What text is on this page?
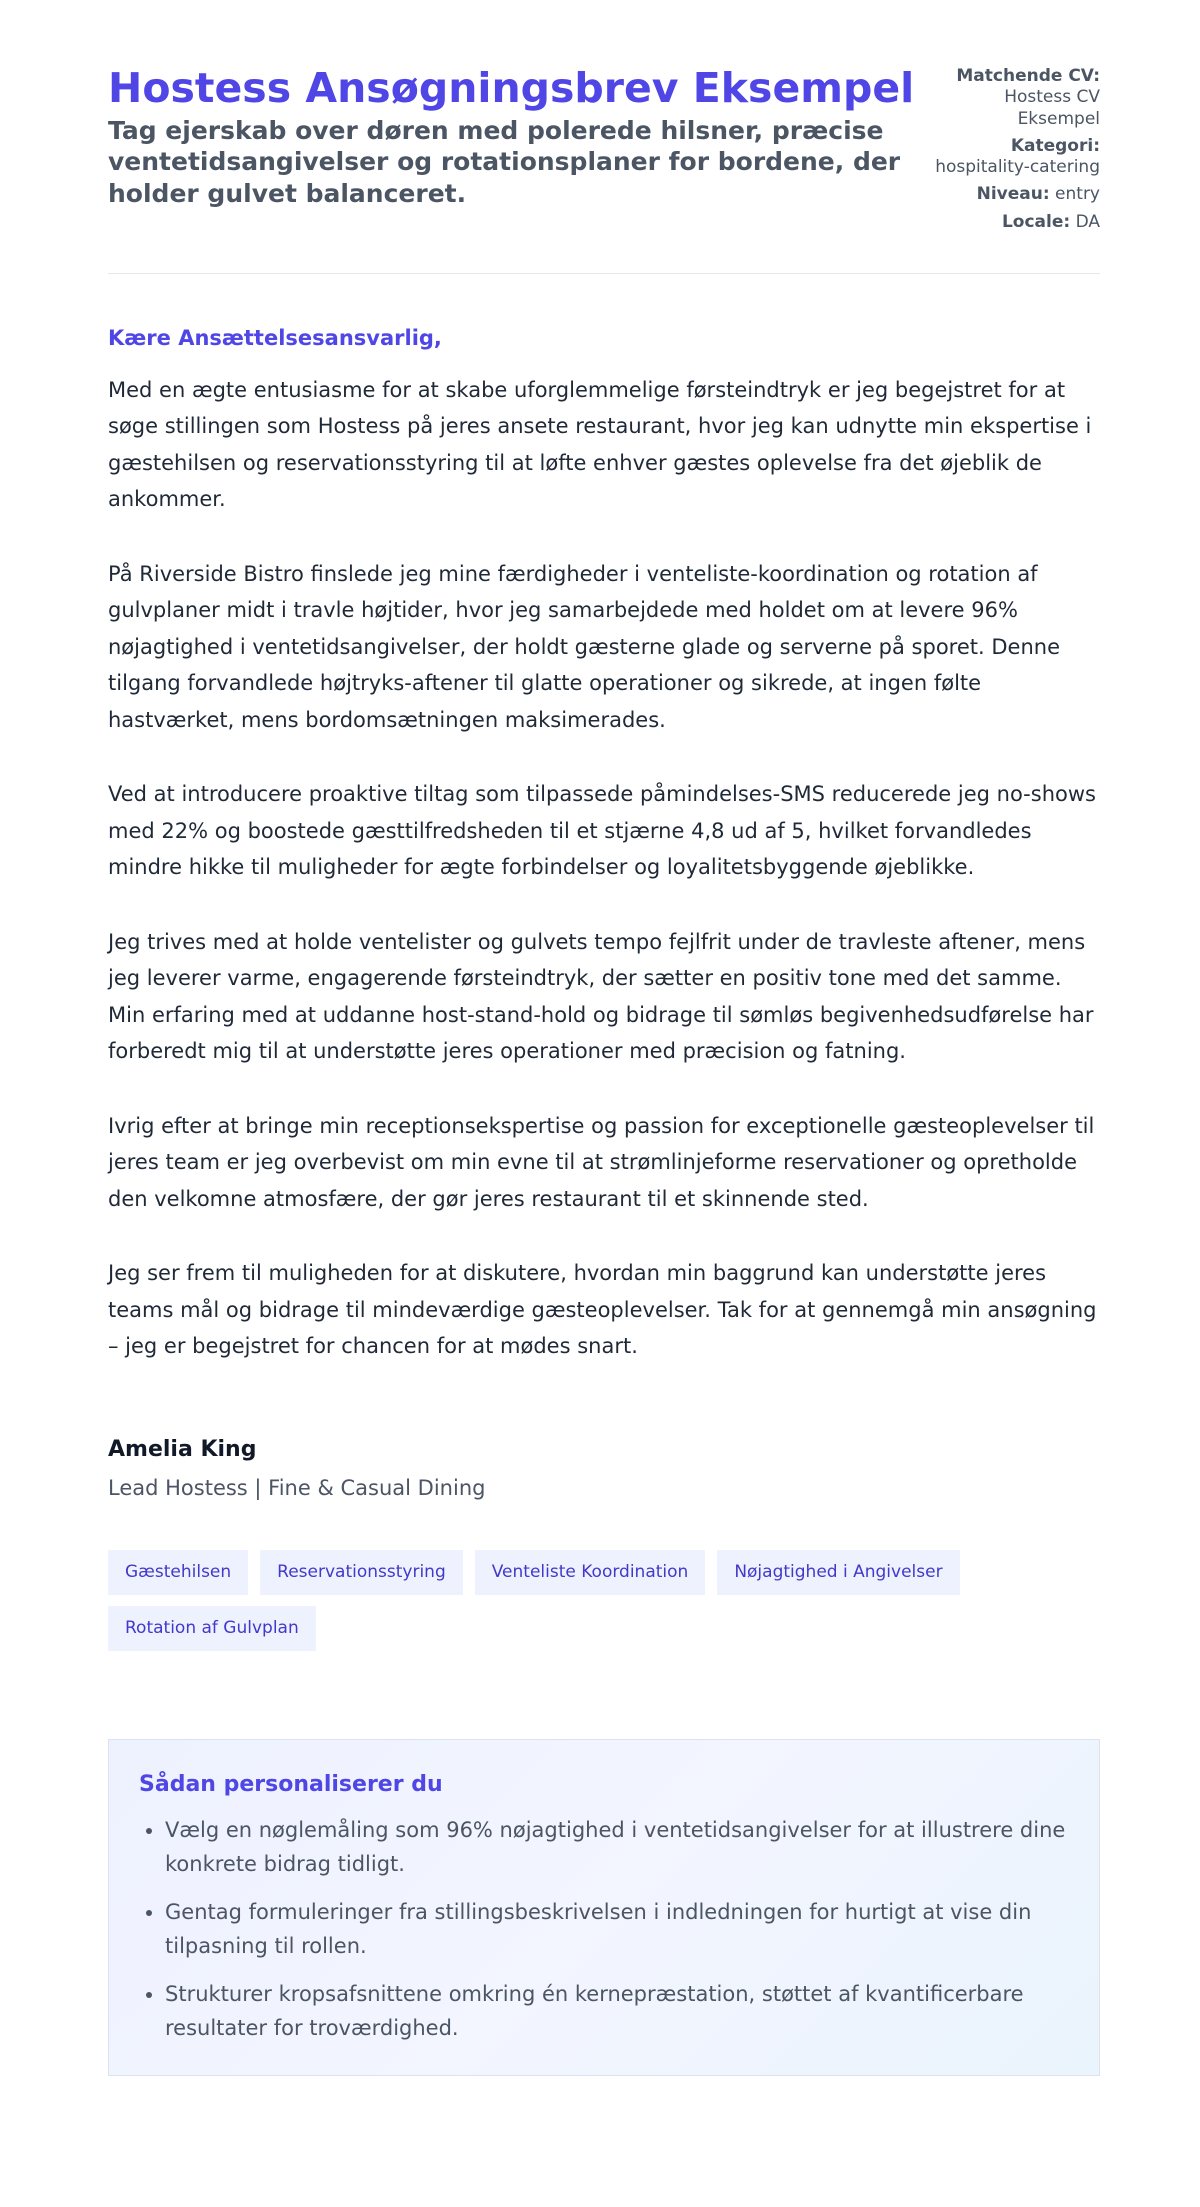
Hostess Ansøgningsbrev Eksempel
Tag ejerskab over døren med polerede hilsner, præcise ventetidsangivelser og rotationsplaner for bordene, der holder gulvet balanceret.
Matchende CV: Hostess CV Eksempel
Kategori: hospitality-catering
Niveau: entry
Locale: DA

Kære Ansættelsesansvarlig,

Med en ægte entusiasme for at skabe uforglemmelige førsteindtryk er jeg begejstret for at søge stillingen som Hostess på jeres ansete restaurant, hvor jeg kan udnytte min ekspertise i gæstehilsen og reservationsstyring til at løfte enhver gæstes oplevelse fra det øjeblik de ankommer.

På Riverside Bistro finslede jeg mine færdigheder i venteliste-koordination og rotation af gulvplaner midt i travle højtider, hvor jeg samarbejdede med holdet om at levere 96% nøjagtighed i ventetidsangivelser, der holdt gæsterne glade og serverne på sporet. Denne tilgang forvandlede højtryks-aftener til glatte operationer og sikrede, at ingen følte hastværket, mens bordomsætningen maksimerades.

Ved at introducere proaktive tiltag som tilpassede påmindelses-SMS reducerede jeg no-shows med 22% og boostede gæsttilfredsheden til et stjærne 4,8 ud af 5, hvilket forvandledes mindre hikke til muligheder for ægte forbindelser og loyalitetsbyggende øjeblikke.

Jeg trives med at holde ventelister og gulvets tempo fejlfrit under de travleste aftener, mens jeg leverer varme, engagerende førsteindtryk, der sætter en positiv tone med det samme. Min erfaring med at uddanne host-stand-hold og bidrage til sømløs begivenhedsudførelse har forberedt mig til at understøtte jeres operationer med præcision og fatning.

Ivrig efter at bringe min receptionsekspertise og passion for exceptionelle gæsteoplevelser til jeres team er jeg overbevist om min evne til at strømlinjeforme reservationer og opretholde den velkomne atmosfære, der gør jeres restaurant til et skinnende sted.

Jeg ser frem til muligheden for at diskutere, hvordan min baggrund kan understøtte jeres teams mål og bidrage til mindeværdige gæsteoplevelser. Tak for at gennemgå min ansøgning – jeg er begejstret for chancen for at mødes snart.

Amelia King

Lead Hostess | Fine & Casual Dining

Gæstehilsen	Reservationsstyring	Venteliste Koordination	Nøjagtighed i Angivelser
Rotation af Gulvplan
Sådan personaliserer du
• Vælg en nøglemåling som 96% nøjagtighed i ventetidsangivelser for at illustrere dine konkrete bidrag tidligt.
• Gentag formuleringer fra stillingsbeskrivelsen i indledningen for hurtigt at vise din tilpasning til rollen.
• Strukturer kropsafsnittene omkring én kernepræstation, støttet af kvantificerbare resultater for troværdighed.
